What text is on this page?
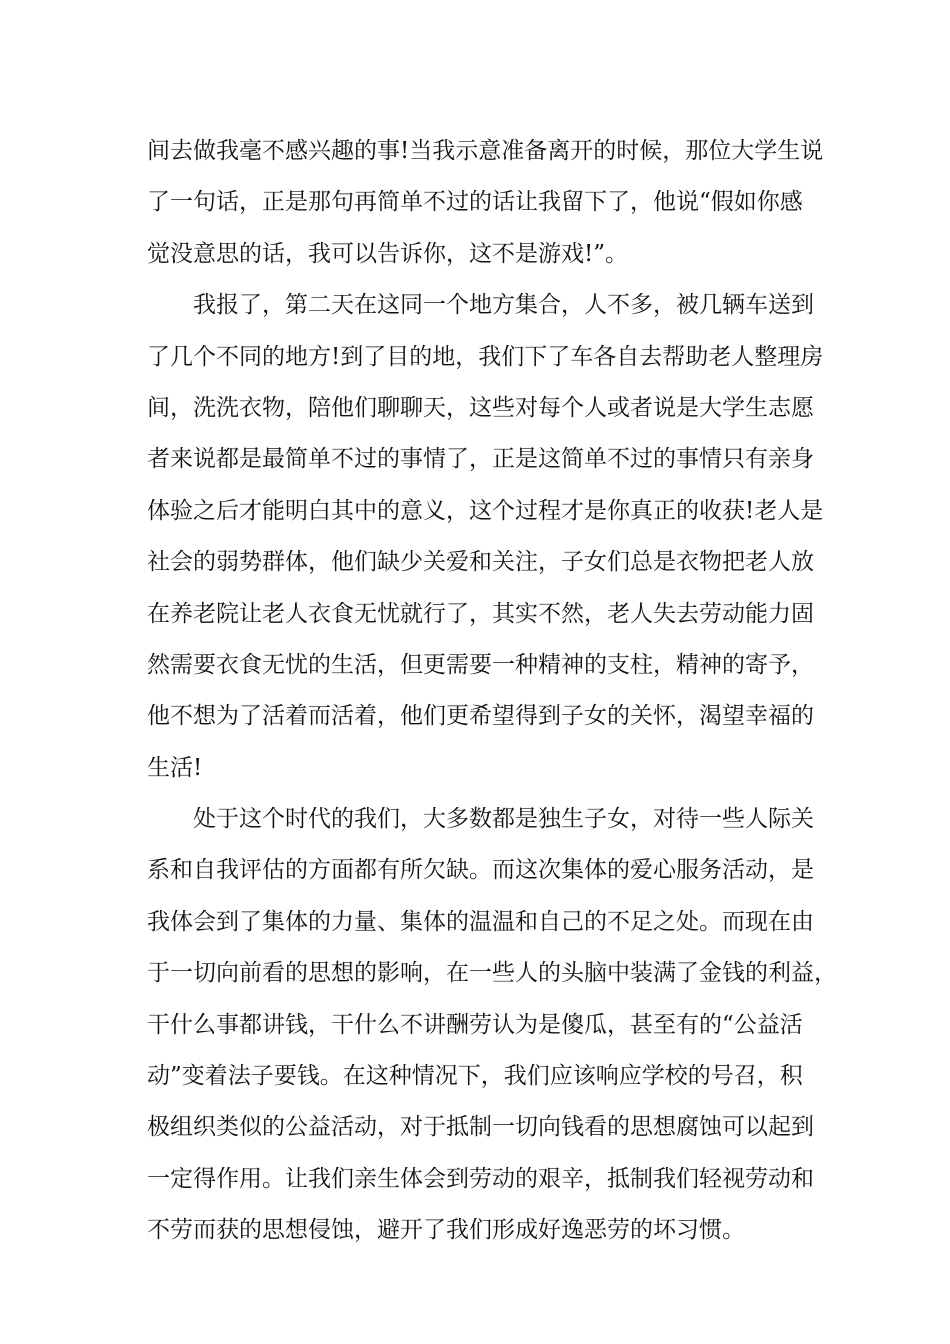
间去做我毫不感兴趣的事!当我示意准备离开的时候，那位大学生说
了一句话，正是那句再简单不过的话让我留下了，他说“假如你感
觉没意思的话，我可以告诉你，这不是游戏!”。
我报了，第二天在这同一个地方集合，人不多，被几辆车送到
了几个不同的地方!到了目的地，我们下了车各自去帮助老人整理房
间，洗洗衣物，陪他们聊聊天，这些对每个人或者说是大学生志愿
者来说都是最简单不过的事情了，正是这简单不过的事情只有亲身
体验之后才能明白其中的意义，这个过程才是你真正的收获!老人是
社会的弱势群体，他们缺少关爱和关注，子女们总是衣物把老人放
在养老院让老人衣食无忧就行了，其实不然，老人失去劳动能力固
然需要衣食无忧的生活，但更需要一种精神的支柱，精神的寄予，
他不想为了活着而活着，他们更希望得到子女的关怀，渴望幸福的
生活!
处于这个时代的我们，大多数都是独生子女，对待一些人际关
系和自我评估的方面都有所欠缺。而这次集体的爱心服务活动，是
我体会到了集体的力量、集体的温温和自己的不足之处。而现在由
于一切向前看的思想的影响，在一些人的头脑中装满了金钱的利益，
干什么事都讲钱，干什么不讲酬劳认为是傻瓜，甚至有的“公益活
动”变着法子要钱。在这种情况下，我们应该响应学校的号召，积
极组织类似的公益活动，对于抵制一切向钱看的思想腐蚀可以起到
一定得作用。让我们亲生体会到劳动的艰辛，抵制我们轻视劳动和
不劳而获的思想侵蚀，避开了我们形成好逸恶劳的坏习惯。
